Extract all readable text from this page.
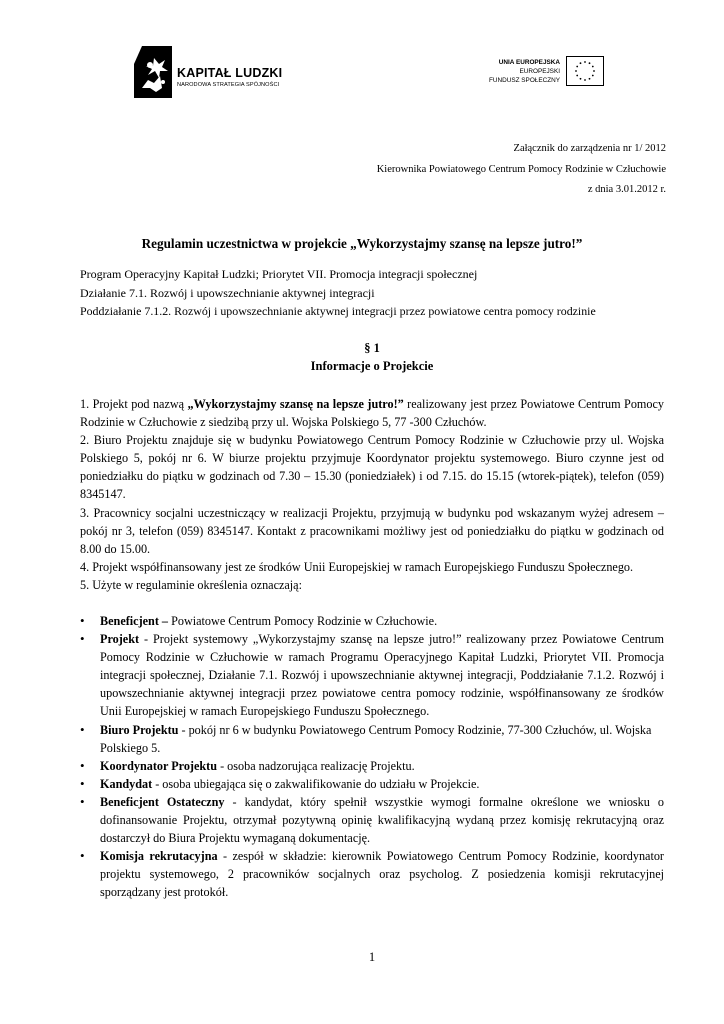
KAPITAŁ LUDZKI
NARODOWA STRATEGIA SPÓJNOŚCI
UNIA EUROPEJSKA
EUROPEJSKI
FUNDUSZ SPOŁECZNY
Załącznik do zarządzenia nr 1/ 2012
Kierownika Powiatowego Centrum Pomocy Rodzinie w Człuchowie
z dnia 3.01.2012 r.
Regulamin uczestnictwa w projekcie „Wykorzystajmy szansę na lepsze jutro!”
Program Operacyjny Kapitał Ludzki; Priorytet VII. Promocja integracji społecznej
Działanie 7.1. Rozwój i upowszechnianie aktywnej integracji
Poddziałanie 7.1.2. Rozwój i upowszechnianie aktywnej integracji przez powiatowe centra pomocy rodzinie
§ 1
Informacje o Projekcie

1. Projekt pod nazwą „Wykorzystajmy szansę na lepsze jutro!” realizowany jest przez Powiatowe Centrum Pomocy Rodzinie w Człuchowie z siedzibą przy ul. Wojska Polskiego 5, 77 -300 Człuchów.

2. Biuro Projektu znajduje się w budynku Powiatowego Centrum Pomocy Rodzinie w Człuchowie przy ul. Wojska Polskiego 5, pokój nr 6. W biurze projektu przyjmuje Koordynator projektu systemowego. Biuro czynne jest od poniedziałku do piątku w godzinach od 7.30 – 15.30 (poniedziałek) i od 7.15. do 15.15 (wtorek-piątek), telefon (059) 8345147.

3. Pracownicy socjalni uczestniczący w realizacji Projektu, przyjmują w budynku pod wskazanym wyżej adresem – pokój nr 3, telefon (059) 8345147. Kontakt z pracownikami możliwy jest od poniedziałku do piątku w godzinach od 8.00 do 15.00.

4. Projekt współfinansowany jest ze środków Unii Europejskiej w ramach Europejskiego Funduszu Społecznego.

5. Użyte w regulaminie określenia oznaczają:

• Beneficjent – Powiatowe Centrum Pomocy Rodzinie w Człuchowie.
• Projekt - Projekt systemowy „Wykorzystajmy szansę na lepsze jutro!” realizowany przez Powiatowe Centrum Pomocy Rodzinie w Człuchowie w ramach Programu Operacyjnego Kapitał Ludzki, Priorytet VII. Promocja integracji społecznej, Działanie 7.1. Rozwój i upowszechnianie aktywnej integracji, Poddziałanie 7.1.2. Rozwój i upowszechnianie aktywnej integracji przez powiatowe centra pomocy rodzinie, współfinansowany ze środków Unii Europejskiej w ramach Europejskiego Funduszu Społecznego.
• Biuro Projektu - pokój nr 6 w budynku Powiatowego Centrum Pomocy Rodzinie, 77-300 Człuchów, ul. Wojska Polskiego 5.
• Koordynator Projektu - osoba nadzorująca realizację Projektu.
• Kandydat - osoba ubiegająca się o zakwalifikowanie do udziału w Projekcie.
• Beneficjent Ostateczny - kandydat, który spełnił wszystkie wymogi formalne określone we wniosku o dofinansowanie Projektu, otrzymał pozytywną opinię kwalifikacyjną wydaną przez komisję rekrutacyjną oraz dostarczył do Biura Projektu wymaganą dokumentację.
• Komisja rekrutacyjna - zespół w składzie: kierownik Powiatowego Centrum Pomocy Rodzinie, koordynator projektu systemowego, 2 pracowników socjalnych oraz psycholog. Z posiedzenia komisji rekrutacyjnej sporządzany jest protokół.
1
